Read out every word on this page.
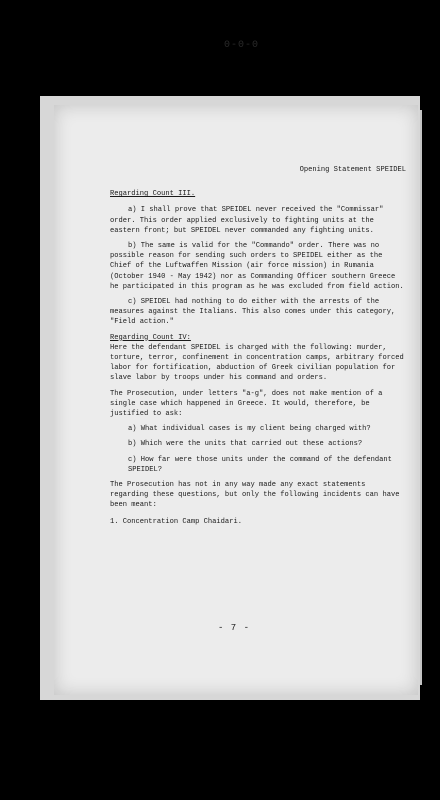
0-0-0
Opening Statement SPEIDEL

Regarding Count III.

a) I shall prove that SPEIDEL never received the "Commissar" order. This order applied exclusively to fighting units at the eastern front; but SPEIDEL never commanded any fighting units.

b) The same is valid for the "Commando" order. There was no possible reason for sending such orders to SPEIDEL either as the Chief of the Luftwaffen Mission (air force mission) in Rumania (October 1940 - May 1942) nor as Commanding Officer southern Greece he participated in this program as he was excluded from field action.

c) SPEIDEL had nothing to do either with the arrests of the measures against the Italians. This also comes under this category, "Field action."

Regarding Count IV:

Here the defendant SPEIDEL is charged with the following: murder, torture, terror, confinement in concentration camps, arbitrary forced labor for fortification, abduction of Greek civilian population for slave labor by troops under his command and orders.

The Prosecution, under letters "a-g", does not make mention of a single case which happened in Greece. It would, therefore, be justified to ask:

a) What individual cases is my client being charged with?

b) Which were the units that carried out these actions?

c) How far were those units under the command of the defendant SPEIDEL?

The Prosecution has not in any way made any exact statements regarding these questions, but only the following incidents can have been meant:

1. Concentration Camp Chaidari.

- 7 -
